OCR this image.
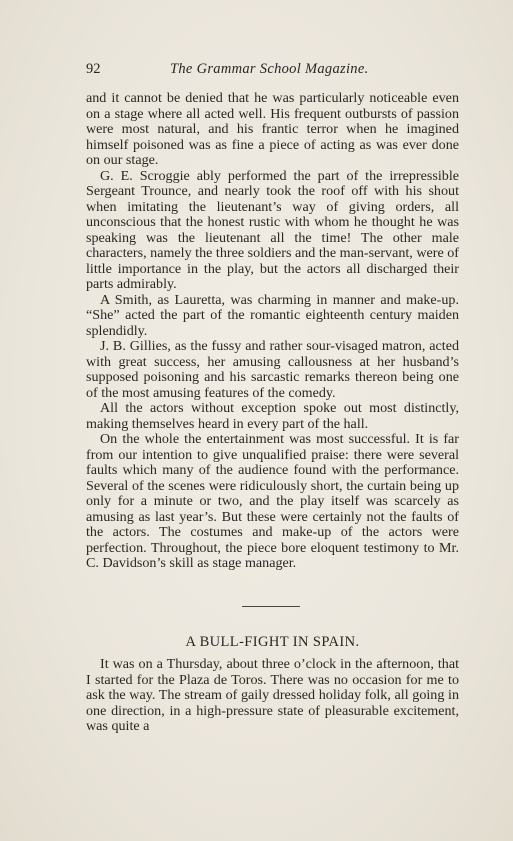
92	The Grammar School Magazine.

and it cannot be denied that he was particularly noticeable even on a stage where all acted well. His frequent outbursts of passion were most natural, and his frantic terror when he imagined himself poisoned was as fine a piece of acting as was ever done on our stage.

G. E. Scroggie ably performed the part of the irrepressible Sergeant Trounce, and nearly took the roof off with his shout when imitating the lieutenant’s way of giving orders, all unconscious that the honest rustic with whom he thought he was speaking was the lieutenant all the time! The other male characters, namely the three soldiers and the man-servant, were of little importance in the play, but the actors all discharged their parts admirably.

A Smith, as Lauretta, was charming in manner and make-up. “She” acted the part of the romantic eighteenth century maiden splendidly.

J. B. Gillies, as the fussy and rather sour-visaged matron, acted with great success, her amusing callousness at her husband’s supposed poisoning and his sarcastic remarks thereon being one of the most amusing features of the comedy.

All the actors without exception spoke out most distinctly, making themselves heard in every part of the hall.

On the whole the entertainment was most successful. It is far from our intention to give unqualified praise: there were several faults which many of the audience found with the performance. Several of the scenes were ridiculously short, the curtain being up only for a minute or two, and the play itself was scarcely as amusing as last year’s. But these were certainly not the faults of the actors. The costumes and make-up of the actors were perfection. Throughout, the piece bore eloquent testimony to Mr. C. Davidson’s skill as stage manager.

A BULL-FIGHT IN SPAIN.

It was on a Thursday, about three o’clock in the afternoon, that I started for the Plaza de Toros. There was no occasion for me to ask the way. The stream of gaily dressed holiday folk, all going in one direction, in a high-pressure state of pleasurable excitement, was quite a
